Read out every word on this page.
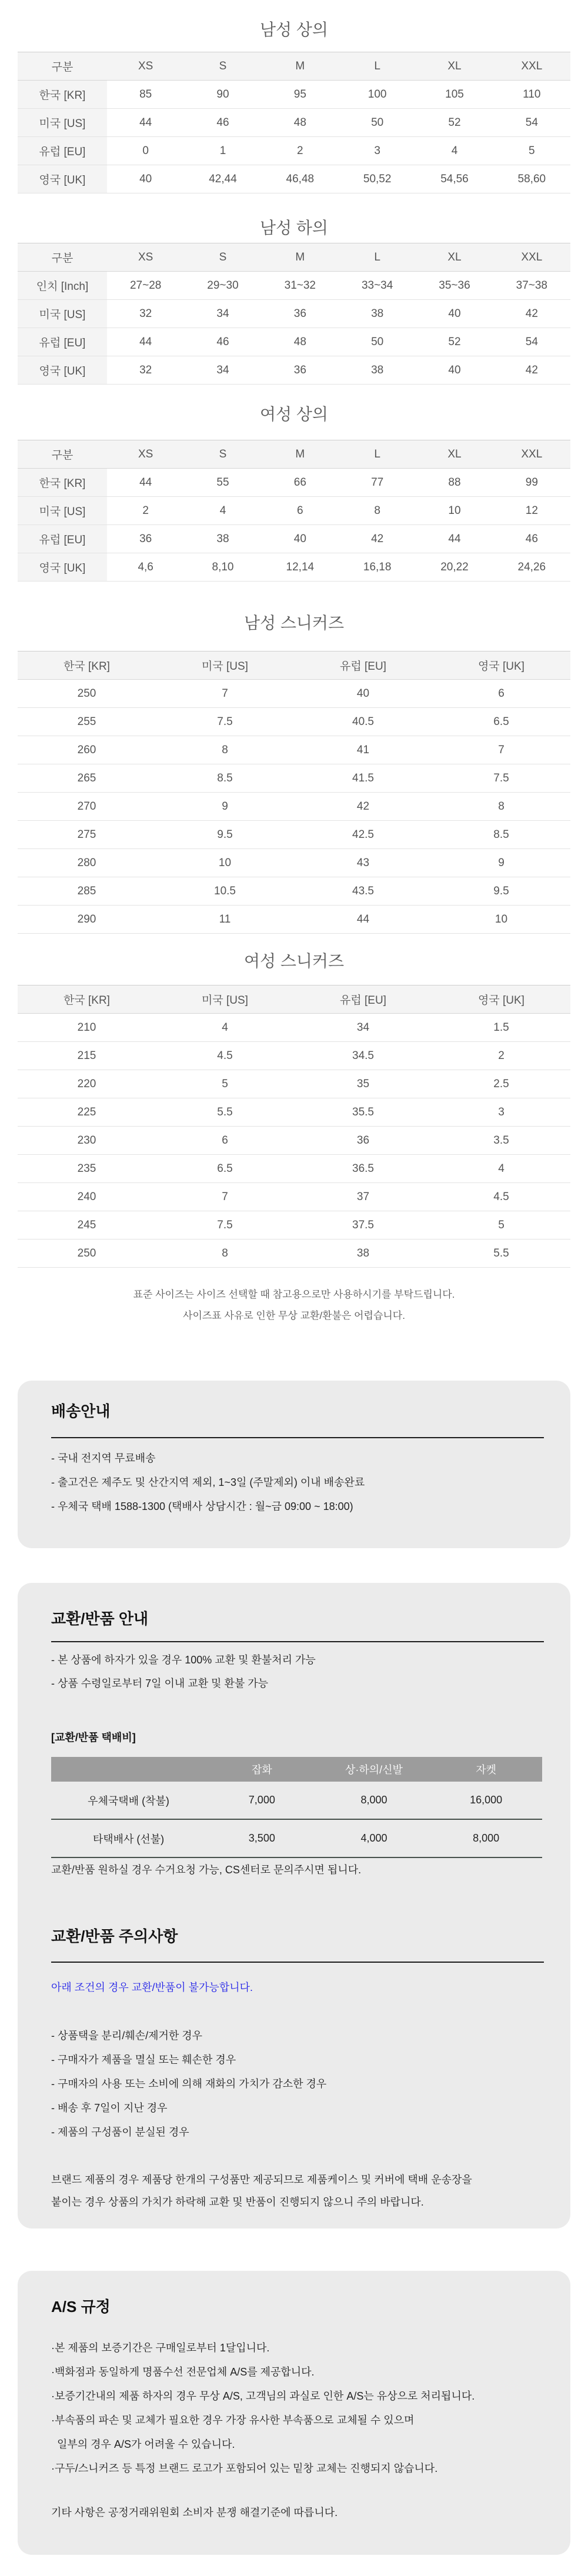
남성 상의
남성 하의
여성 상의
남성 스니커즈
여성 스니커즈
구분	XS	S	M	L	XL	XXL
한국 [KR]	85	90	95	100	105	110
미국 [US]	44	46	48	50	52	54
유럽 [EU]	0	1	2	3	4	5
영국 [UK]	40	42,44	46,48	50,52	54,56	58,60
구분	XS	S	M	L	XL	XXL
인치 [Inch]	27~28	29~30	31~32	33~34	35~36	37~38
미국 [US]	32	34	36	38	40	42
유럽 [EU]	44	46	48	50	52	54
영국 [UK]	32	34	36	38	40	42
구분	XS	S	M	L	XL	XXL
한국 [KR]	44	55	66	77	88	99
미국 [US]	2	4	6	8	10	12
유럽 [EU]	36	38	40	42	44	46
영국 [UK]	4,6	8,10	12,14	16,18	20,22	24,26
한국 [KR]	미국 [US]	유럽 [EU]	영국 [UK]
250	7	40	6
255	7.5	40.5	6.5
260	8	41	7
265	8.5	41.5	7.5
270	9	42	8
275	9.5	42.5	8.5
280	10	43	9
285	10.5	43.5	9.5
290	11	44	10
한국 [KR]	미국 [US]	유럽 [EU]	영국 [UK]
210	4	34	1.5
215	4.5	34.5	2
220	5	35	2.5
225	5.5	35.5	3
230	6	36	3.5
235	6.5	36.5	4
240	7	37	4.5
245	7.5	37.5	5
250	8	38	5.5
표준 사이즈는 사이즈 선택할 때 참고용으로만 사용하시기를 부탁드립니다.
사이즈표 사유로 인한 무상 교환/환불은 어렵습니다.
배송안내
- 국내 전지역 무료배송
- 출고건은 제주도 및 산간지역 제외, 1~3일 (주말제외) 이내 배송완료
- 우체국 택배 1588-1300 (택배사 상담시간 : 월~금 09:00 ~ 18:00)
교환/반품 안내
- 본 상품에 하자가 있을 경우 100% 교환 및 환불처리 가능
- 상품 수령일로부터 7일 이내 교환 및 환불 가능
[교환/반품 택배비]
	잡화	상·하의/신발	자켓
우체국택배 (착불)	7,000	8,000	16,000
타택배사 (선불)	3,500	4,000	8,000
교환/반품 원하실 경우 수거요청 가능, CS센터로 문의주시면 됩니다.
교환/반품 주의사항
아래 조건의 경우 교환/반품이 불가능합니다.
- 상품택을 분리/훼손/제거한 경우
- 구매자가 제품을 멸실 또는 훼손한 경우
- 구매자의 사용 또는 소비에 의해 재화의 가치가 감소한 경우
- 배송 후 7일이 지난 경우
- 제품의 구성품이 분실된 경우
브랜드 제품의 경우 제품당 한개의 구성품만 제공되므로 제품케이스 및 커버에 택배 운송장을
붙이는 경우 상품의 가치가 하락해 교환 및 반품이 진행되지 않으니 주의 바랍니다.
A/S 규정
·본 제품의 보증기간은 구매일로부터 1달입니다.
·백화점과 동일하게 명품수선 전문업체 A/S를 제공합니다.
·보증기간내의 제품 하자의 경우 무상 A/S, 고객님의 과실로 인한 A/S는 유상으로 처리됩니다.
·부속품의 파손 및 교체가 필요한 경우 가장 유사한 부속품으로 교체될 수 있으며
일부의 경우 A/S가 어려울 수 있습니다.
·구두/스니커즈 등 특정 브랜드 로고가 포함되어 있는 밑창 교체는 진행되지 않습니다.
기타 사항은 공정거래위원회 소비자 분쟁 해결기준에 따릅니다.
